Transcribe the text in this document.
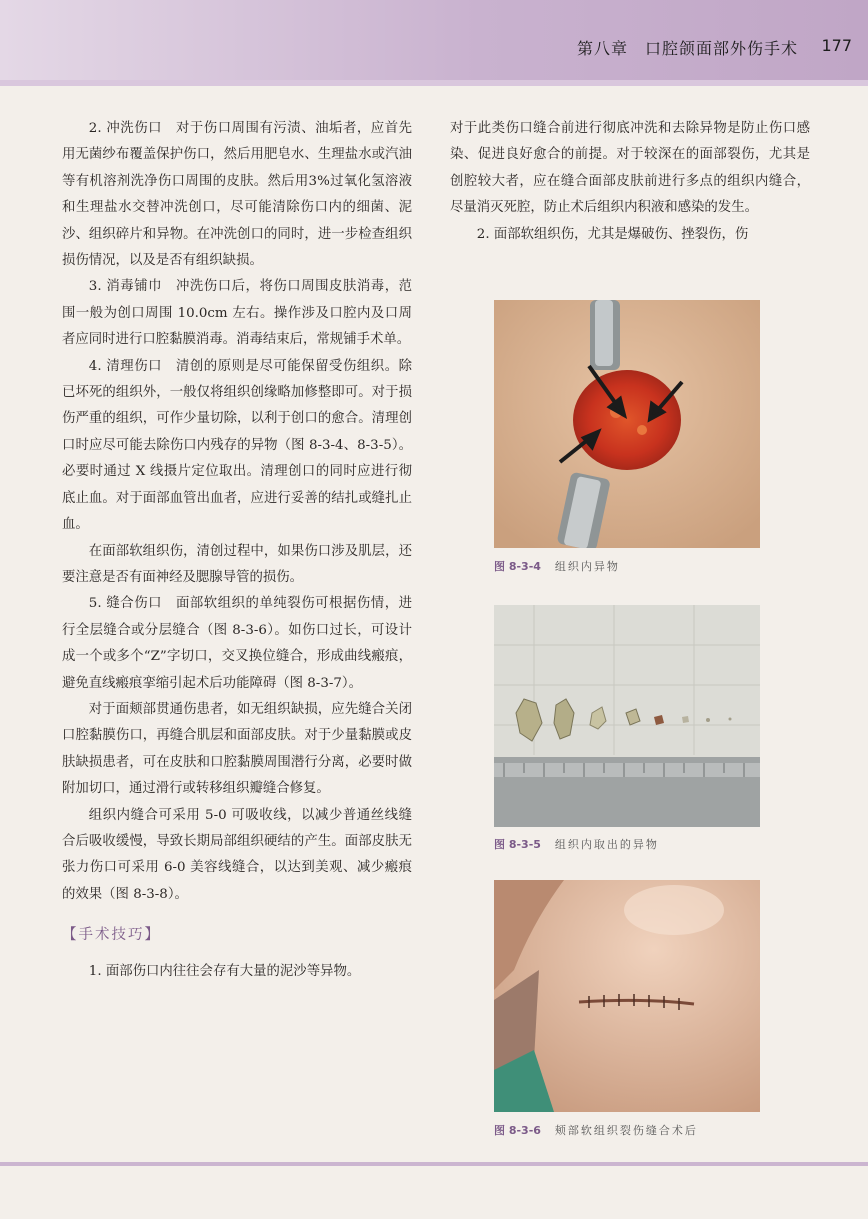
第八章　口腔颌面部外伤手术 177

2. 冲洗伤口　对于伤口周围有污渍、油垢者，应首先用无菌纱布覆盖保护伤口，然后用肥皂水、生理盐水或汽油等有机溶剂洗净伤口周围的皮肤。然后用3%过氧化氢溶液和生理盐水交替冲洗创口，尽可能清除伤口内的细菌、泥沙、组织碎片和异物。在冲洗创口的同时，进一步检查组织损伤情况，以及是否有组织缺损。

3. 消毒铺巾　冲洗伤口后，将伤口周围皮肤消毒，范围一般为创口周围 10.0cm 左右。操作涉及口腔内及口周者应同时进行口腔黏膜消毒。消毒结束后，常规铺手术单。

4. 清理伤口　清创的原则是尽可能保留受伤组织。除已坏死的组织外，一般仅将组织创缘略加修整即可。对于损伤严重的组织，可作少量切除，以利于创口的愈合。清理创口时应尽可能去除伤口内残存的异物（图 8-3-4、8-3-5）。必要时通过 X 线摄片定位取出。清理创口的同时应进行彻底止血。对于面部血管出血者，应进行妥善的结扎或缝扎止血。

在面部软组织伤，清创过程中，如果伤口涉及肌层，还要注意是否有面神经及腮腺导管的损伤。

5. 缝合伤口　面部软组织的单纯裂伤可根据伤情，进行全层缝合或分层缝合（图 8-3-6）。如伤口过长，可设计成一个或多个“Z”字切口，交叉换位缝合，形成曲线瘢痕，避免直线瘢痕挛缩引起术后功能障碍（图 8-3-7）。

对于面颊部贯通伤患者，如无组织缺损，应先缝合关闭口腔黏膜伤口，再缝合肌层和面部皮肤。对于少量黏膜或皮肤缺损患者，可在皮肤和口腔黏膜周围潜行分离，必要时做附加切口，通过滑行或转移组织瓣缝合修复。

组织内缝合可采用 5-0 可吸收线，以减少普通丝线缝合后吸收缓慢，导致长期局部组织硬结的产生。面部皮肤无张力伤口可采用 6-0 美容线缝合，以达到美观、减少瘢痕的效果（图 8-3-8）。

【手术技巧】

1. 面部伤口内往往会存有大量的泥沙等异物。

对于此类伤口缝合前进行彻底冲洗和去除异物是防止伤口感染、促进良好愈合的前提。对于较深在的面部裂伤，尤其是创腔较大者，应在缝合面部皮肤前进行多点的组织内缝合，尽量消灭死腔，防止术后组织内积液和感染的发生。

2. 面部软组织伤，尤其是爆破伤、挫裂伤，伤

图 8-3-4 组织内异物
图 8-3-5 组织内取出的异物
图 8-3-6 颊部软组织裂伤缝合术后
